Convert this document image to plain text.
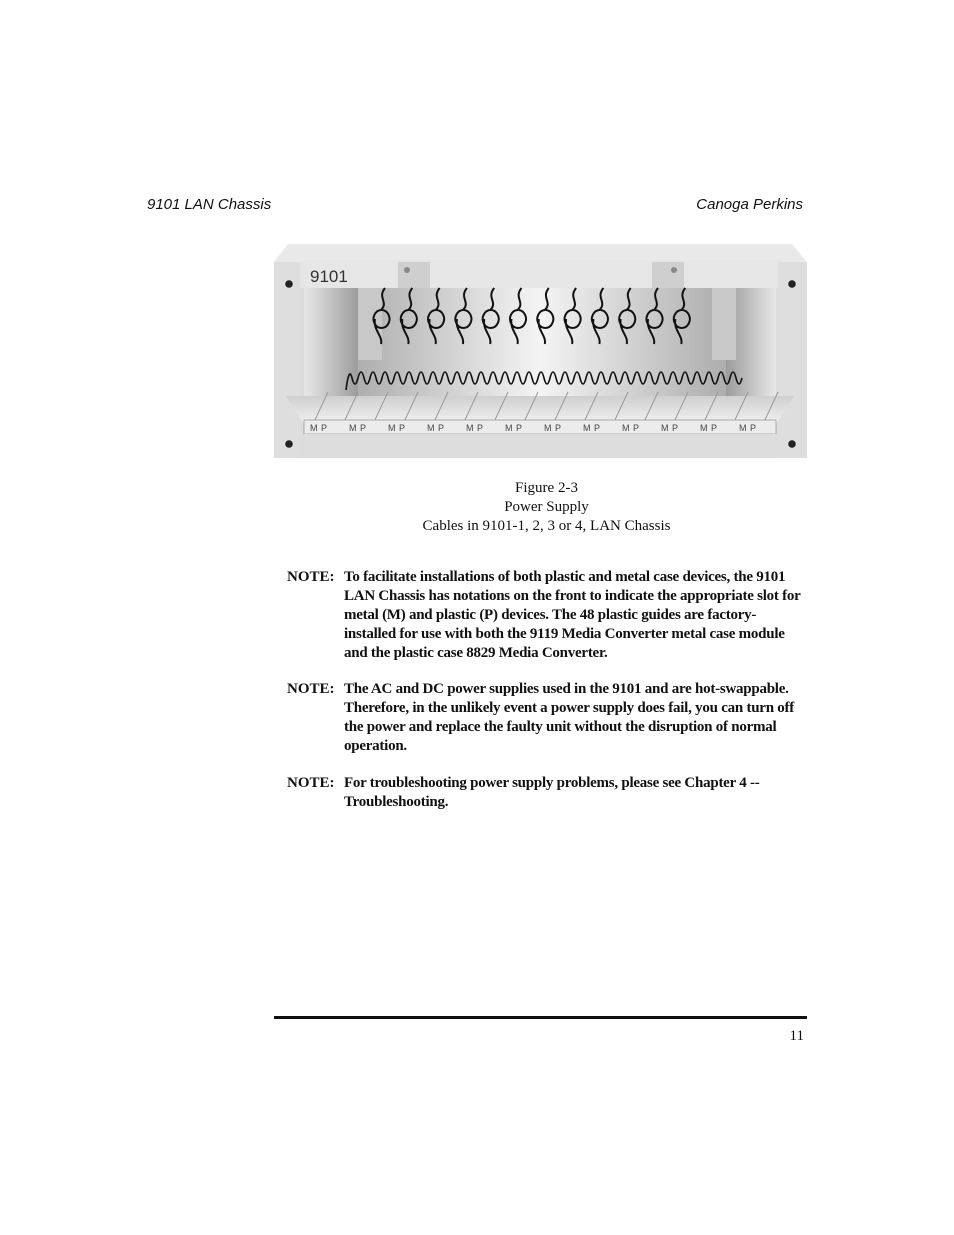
9101 LAN Chassis	Canoga Perkins
9101
M P M P M P M P M P M P M P M P M P M P M P M P
Figure 2-3
Power Supply
Cables in 9101-1, 2, 3 or 4, LAN Chassis
NOTE: To facilitate installations of both plastic and metal case devices, the 9101 LAN Chassis has notations on the front to indicate the appropriate slot for metal (M) and plastic (P) devices. The 48 plastic guides are factory-installed for use with both the 9119 Media Converter metal case module and the plastic case 8829 Media Converter.
NOTE: The AC and DC power supplies used in the 9101 and are hot-swappable. Therefore, in the unlikely event a power supply does fail, you can turn off the power and replace the faulty unit without the disruption of normal operation.
NOTE: For troubleshooting power supply problems, please see Chapter 4 -- Troubleshooting.
11
